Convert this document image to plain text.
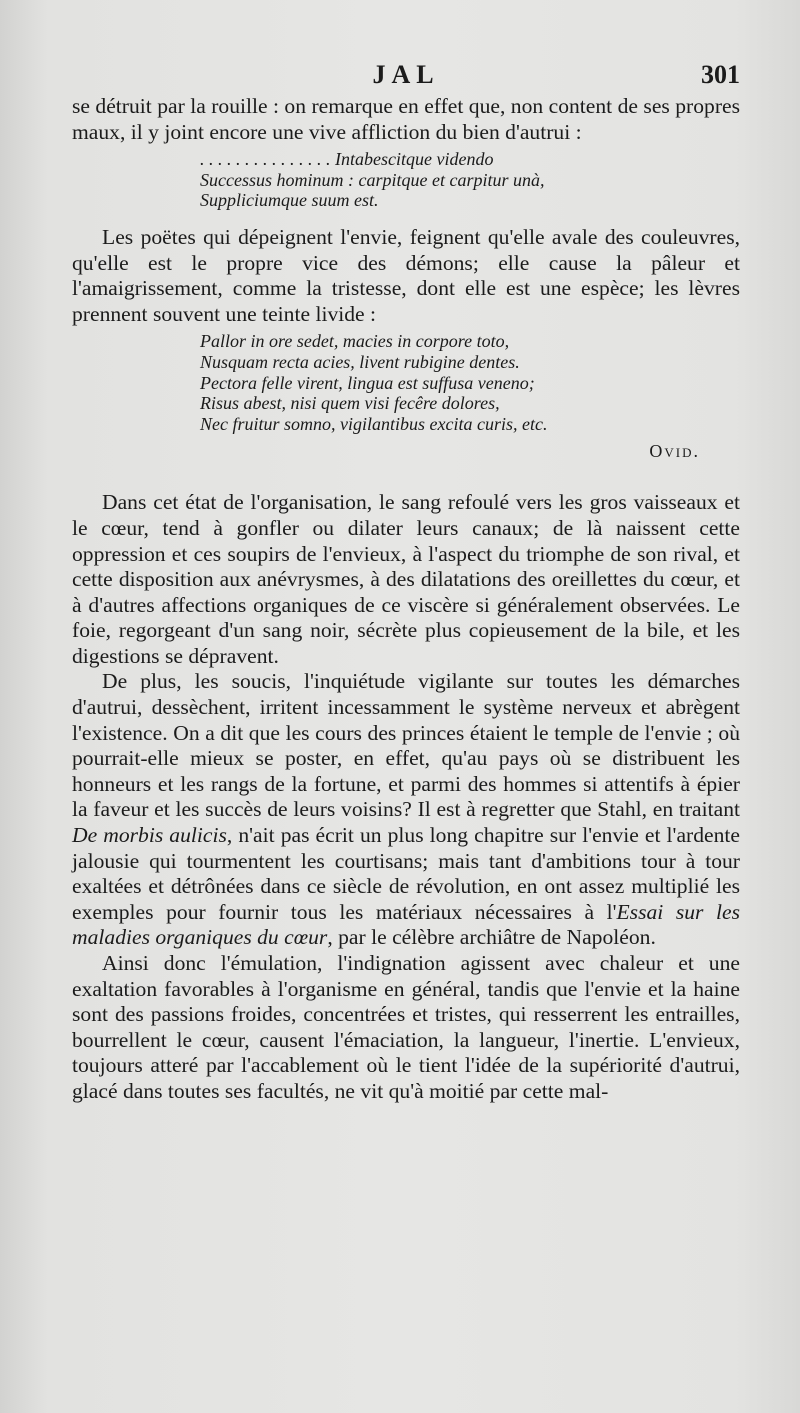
JAL	301

se détruit par la rouille : on remarque en effet que, non content de ses propres maux, il y joint encore une vive affliction du bien d'autrui :

. . . . . . . . . . . . . . . Intabescitque videndo
Successus hominum : carpitque et carpitur unà,
Suppliciumque suum est.

Les poëtes qui dépeignent l'envie, feignent qu'elle avale des couleuvres, qu'elle est le propre vice des démons; elle cause la pâleur et l'amaigrissement, comme la tristesse, dont elle est une espèce; les lèvres prennent souvent une teinte livide :

Pallor in ore sedet, macies in corpore toto,
Nusquam recta acies, livent rubigine dentes.
Pectora felle virent, lingua est suffusa veneno;
Risus abest, nisi quem visi fecêre dolores,
Nec fruitur somno, vigilantibus excita curis, etc.
Ovid.

Dans cet état de l'organisation, le sang refoulé vers les gros vaisseaux et le cœur, tend à gonfler ou dilater leurs canaux; de là naissent cette oppression et ces soupirs de l'envieux, à l'aspect du triomphe de son rival, et cette disposition aux anévrysmes, à des dilatations des oreillettes du cœur, et à d'autres affections organiques de ce viscère si généralement observées. Le foie, regorgeant d'un sang noir, sécrète plus copieusement de la bile, et les digestions se dépravent.

De plus, les soucis, l'inquiétude vigilante sur toutes les démarches d'autrui, dessèchent, irritent incessamment le système nerveux et abrègent l'existence. On a dit que les cours des princes étaient le temple de l'envie ; où pourrait-elle mieux se poster, en effet, qu'au pays où se distribuent les honneurs et les rangs de la fortune, et parmi des hommes si attentifs à épier la faveur et les succès de leurs voisins? Il est à regretter que Stahl, en traitant De morbis aulicis, n'ait pas écrit un plus long chapitre sur l'envie et l'ardente jalousie qui tourmentent les courtisans; mais tant d'ambitions tour à tour exaltées et détrônées dans ce siècle de révolution, en ont assez multiplié les exemples pour fournir tous les matériaux nécessaires à l'Essai sur les maladies organiques du cœur, par le célèbre archiâtre de Napoléon.

Ainsi donc l'émulation, l'indignation agissent avec chaleur et une exaltation favorables à l'organisme en général, tandis que l'envie et la haine sont des passions froides, concentrées et tristes, qui resserrent les entrailles, bourrellent le cœur, causent l'émaciation, la langueur, l'inertie. L'envieux, toujours atteré par l'accablement où le tient l'idée de la supériorité d'autrui, glacé dans toutes ses facultés, ne vit qu'à moitié par cette mal-
